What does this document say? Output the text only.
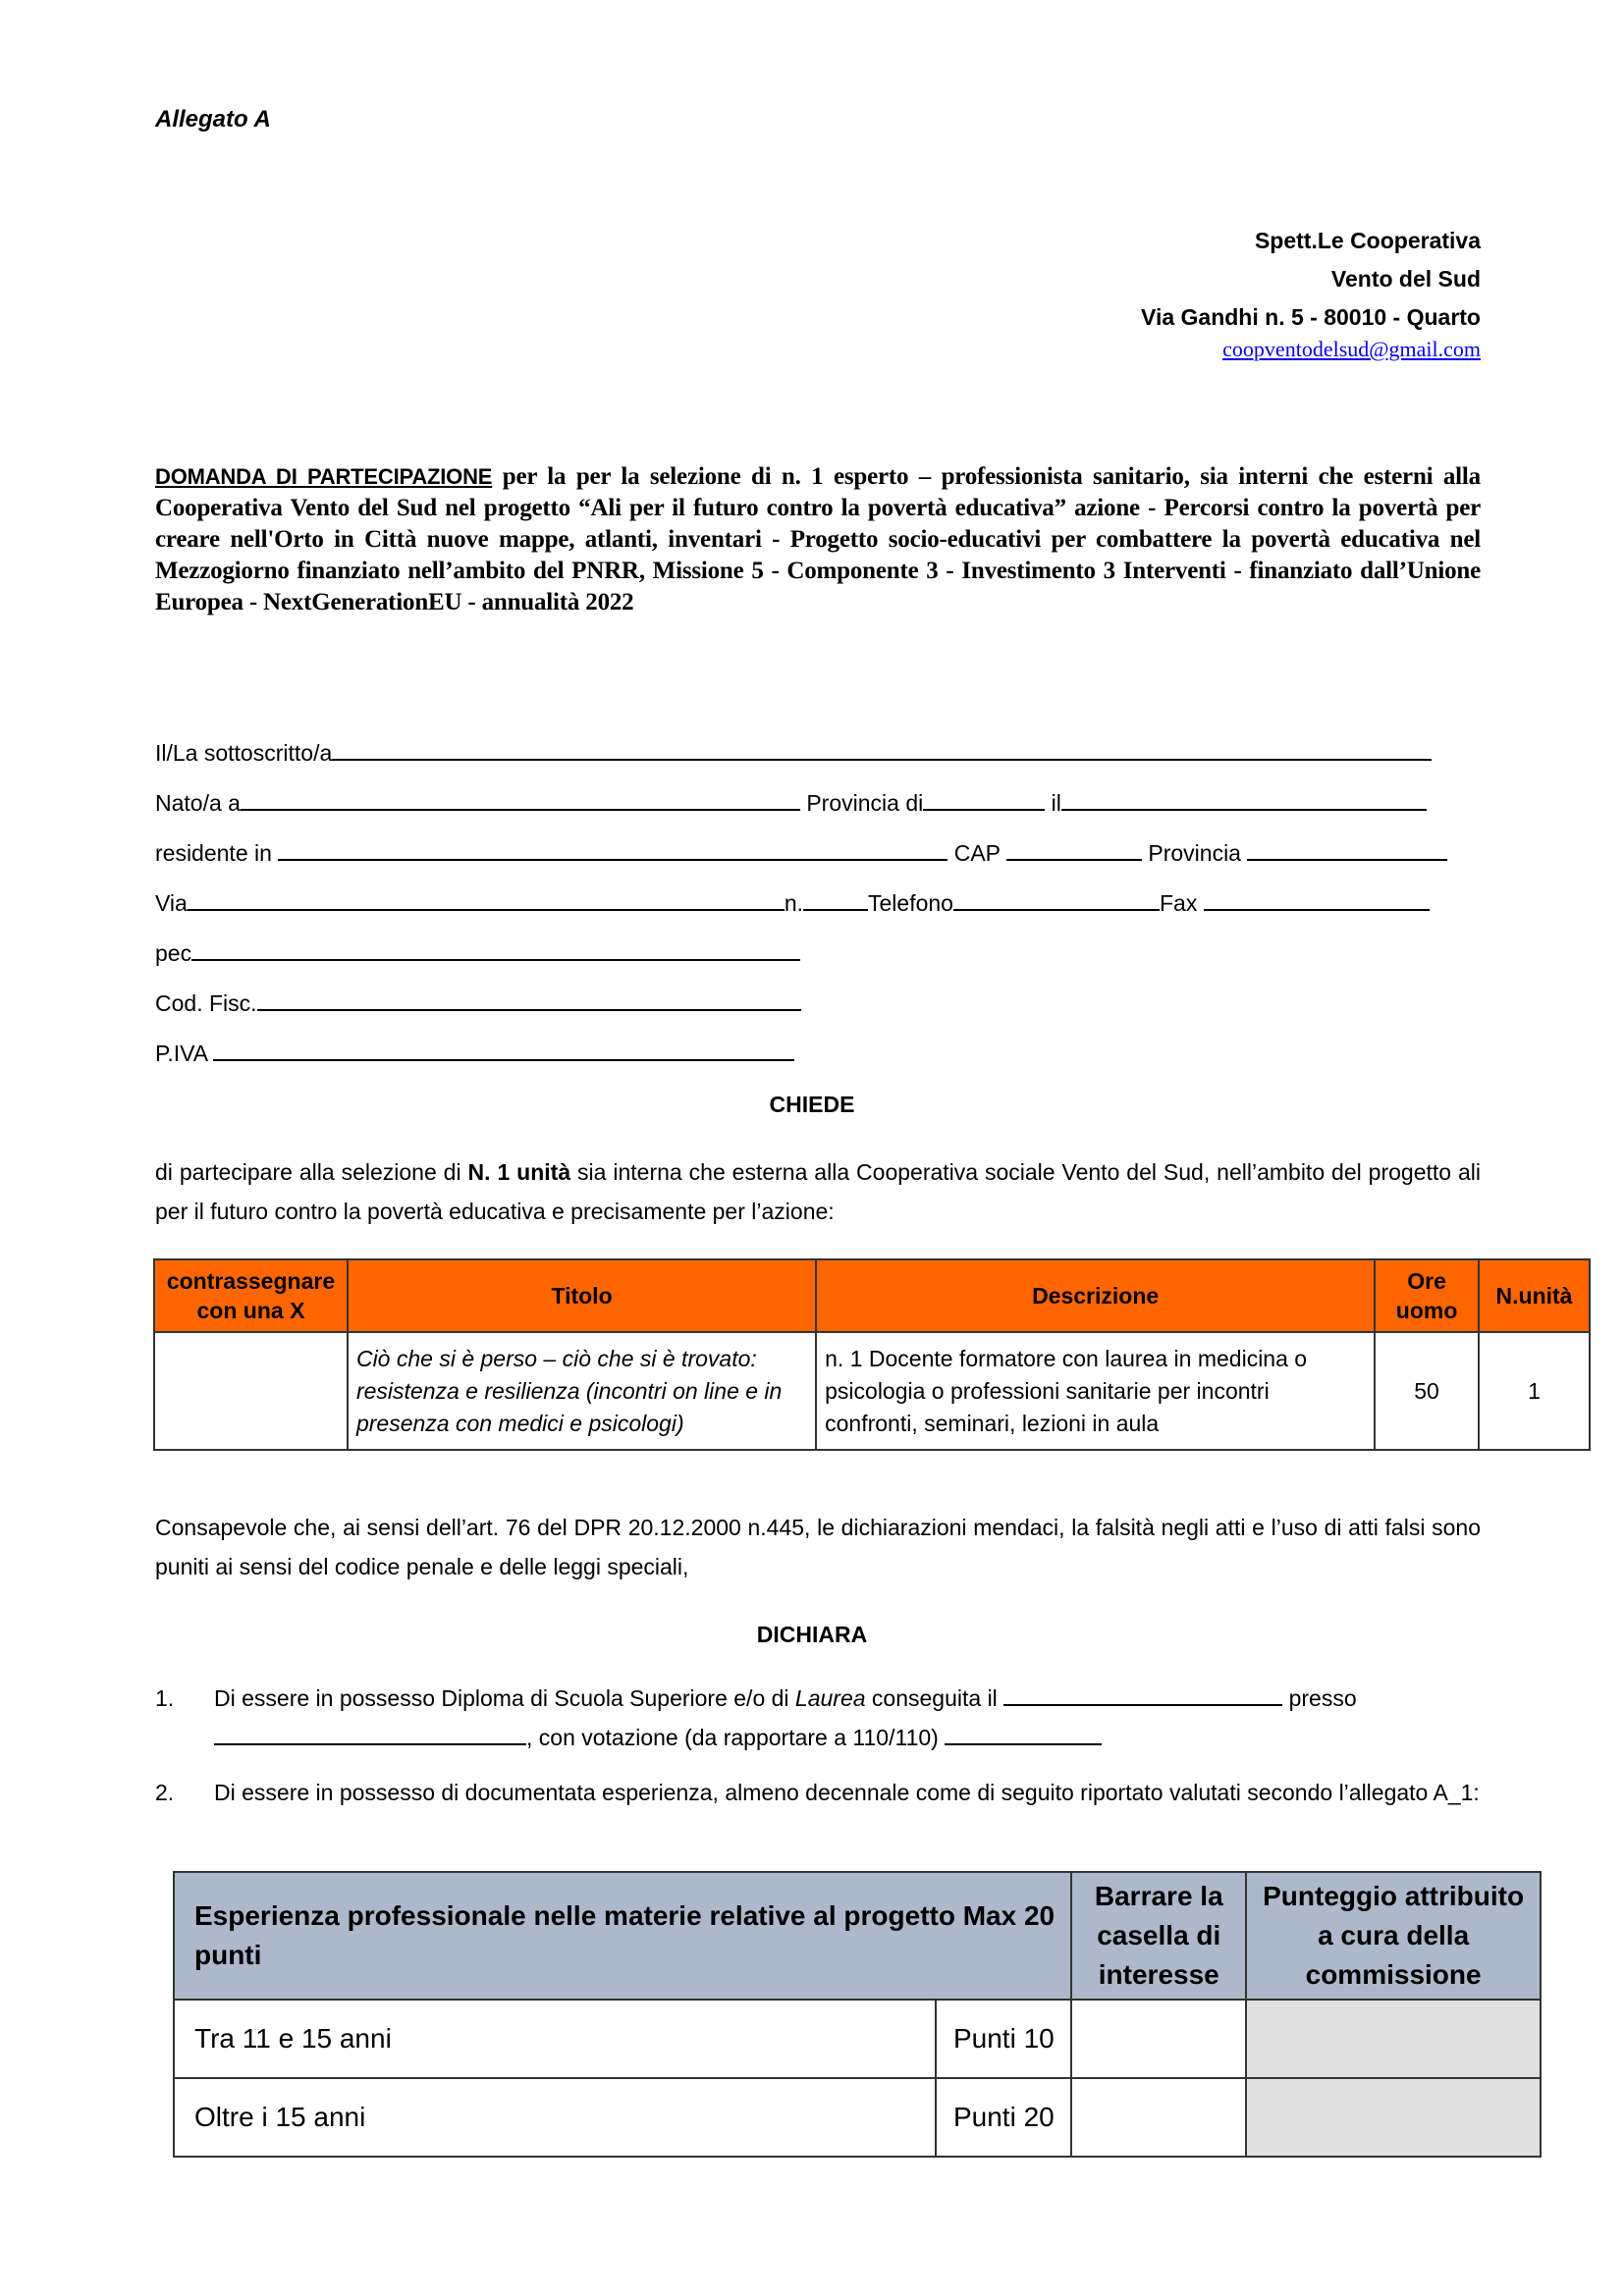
Allegato A
Spett.Le Cooperativa
Vento del Sud
Via Gandhi n. 5 - 80010 - Quarto
coopventodelsud@gmail.com
DOMANDA DI PARTECIPAZIONE per la per la selezione di n. 1 esperto – professionista sanitario, sia interni che esterni alla Cooperativa Vento del Sud nel progetto “Ali per il futuro contro la povertà educativa” azione - Percorsi contro la povertà per creare nell'Orto in Città nuove mappe, atlanti, inventari - Progetto socio-educativi per combattere la povertà educativa nel Mezzogiorno finanziato nell’ambito del PNRR, Missione 5 - Componente 3 - Investimento 3 Interventi - finanziato dall’Unione Europea - NextGenerationEU - annualità 2022
Il/La sottoscritto/a
Nato/a a	Provincia di	il
residente in	CAP	Provincia
Via	n.	Telefono	Fax
pec
Cod. Fisc.
P.IVA
CHIEDE
di partecipare alla selezione di N. 1 unità sia interna che esterna alla Cooperativa sociale Vento del Sud, nell’ambito del progetto ali per il futuro contro la povertà educativa e precisamente per l’azione:
contrassegnare con una X	Titolo	Descrizione	Ore uomo	N.unità
	Ciò che si è perso – ciò che si è trovato: resistenza e resilienza (incontri on line e in presenza con medici e psicologi)	n. 1 Docente formatore con laurea in medicina o psicologia o professioni sanitarie per incontri confronti, seminari, lezioni in aula	50	1
Consapevole che, ai sensi dell’art. 76 del DPR 20.12.2000 n.445, le dichiarazioni mendaci, la falsità negli atti e l’uso di atti falsi sono puniti ai sensi del codice penale e delle leggi speciali,
DICHIARA
1. Di essere in possesso Diploma di Scuola Superiore e/o di Laurea conseguita il	presso
, con votazione (da rapportare a 110/110)
2. Di essere in possesso di documentata esperienza, almeno decennale come di seguito riportato valutati secondo l’allegato A_1:
Esperienza professionale nelle materie relative al progetto Max 20 punti		Barrare la casella di interesse	Punteggio attribuito a cura della commissione
Tra 11 e 15 anni	Punti 10		
Oltre i 15 anni	Punti 20		
